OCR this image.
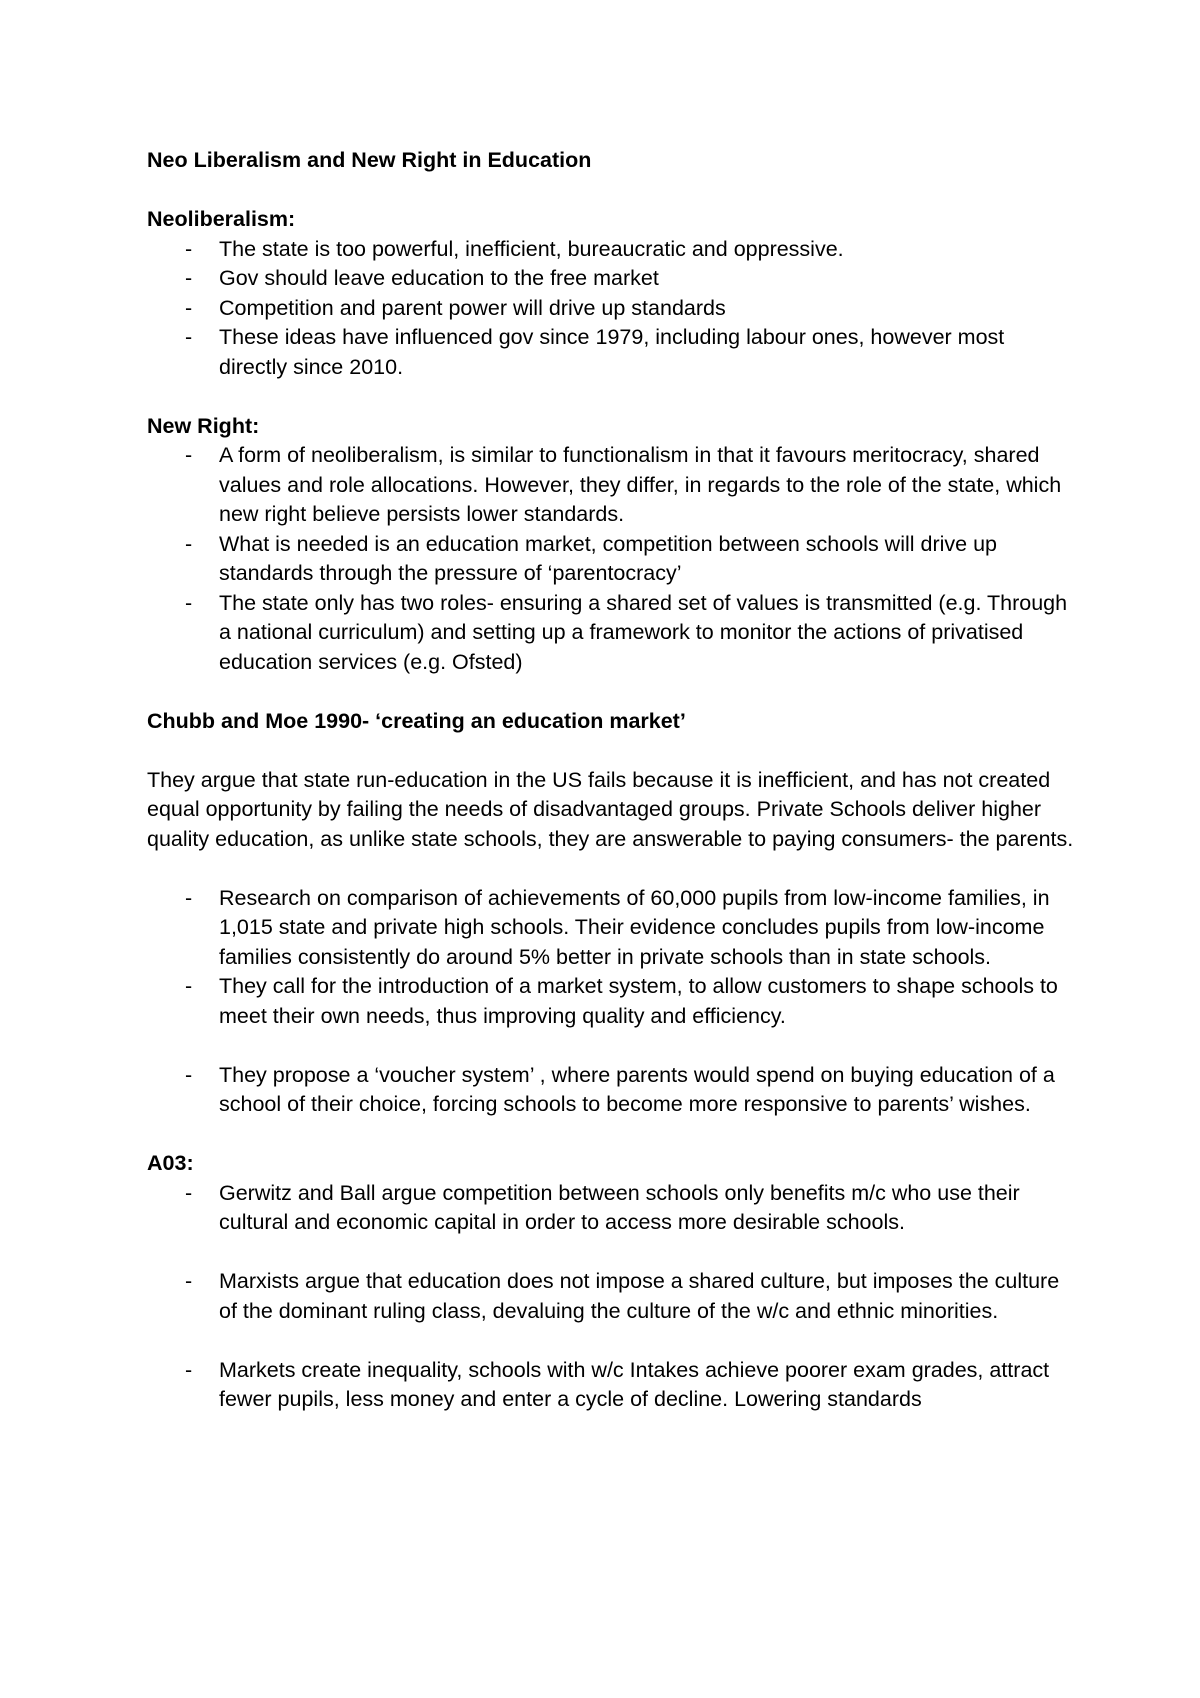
Neo Liberalism and New Right in Education

Neoliberalism:

- The state is too powerful, inefficient, bureaucratic and oppressive.
- Gov should leave education to the free market
- Competition and parent power will drive up standards
- These ideas have influenced gov since 1979, including labour ones, however most directly since 2010.

New Right:

- A form of neoliberalism, is similar to functionalism in that it favours meritocracy, shared values and role allocations. However, they differ, in regards to the role of the state, which new right believe persists lower standards.
- What is needed is an education market, competition between schools will drive up standards through the pressure of ‘parentocracy’
- The state only has two roles- ensuring a shared set of values is transmitted (e.g. Through a national curriculum) and setting up a framework to monitor the actions of privatised education services (e.g. Ofsted)

Chubb and Moe 1990- ‘creating an education market’

They argue that state run-education in the US fails because it is inefficient, and has not created equal opportunity by failing the needs of disadvantaged groups. Private Schools deliver higher quality education, as unlike state schools, they are answerable to paying consumers- the parents.

- Research on comparison of achievements of 60,000 pupils from low-income families, in 1,015 state and private high schools. Their evidence concludes pupils from low-income families consistently do around 5% better in private schools than in state schools.
- They call for the introduction of a market system, to allow customers to shape schools to meet their own needs, thus improving quality and efficiency.
- They propose a ‘voucher system’ , where parents would spend on buying education of a school of their choice, forcing schools to become more responsive to parents’ wishes.

A03:

- Gerwitz and Ball argue competition between schools only benefits m/c who use their cultural and economic capital in order to access more desirable schools.
- Marxists argue that education does not impose a shared culture, but imposes the culture of the dominant ruling class, devaluing the culture of the w/c and ethnic minorities.
- Markets create inequality, schools with w/c Intakes achieve poorer exam grades, attract fewer pupils, less money and enter a cycle of decline. Lowering standards
